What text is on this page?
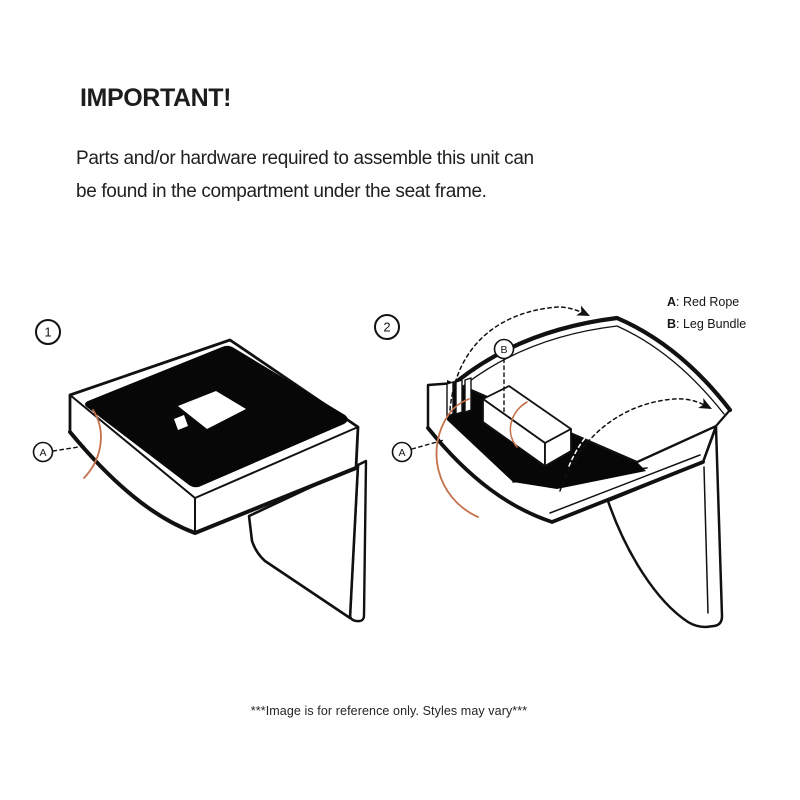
IMPORTANT!
Parts and/or hardware required to assemble this unit can
be found in the compartment under the seat frame.
A: Red Rope
B: Leg Bundle
A
1
B
A
2
***Image is for reference only. Styles may vary***
